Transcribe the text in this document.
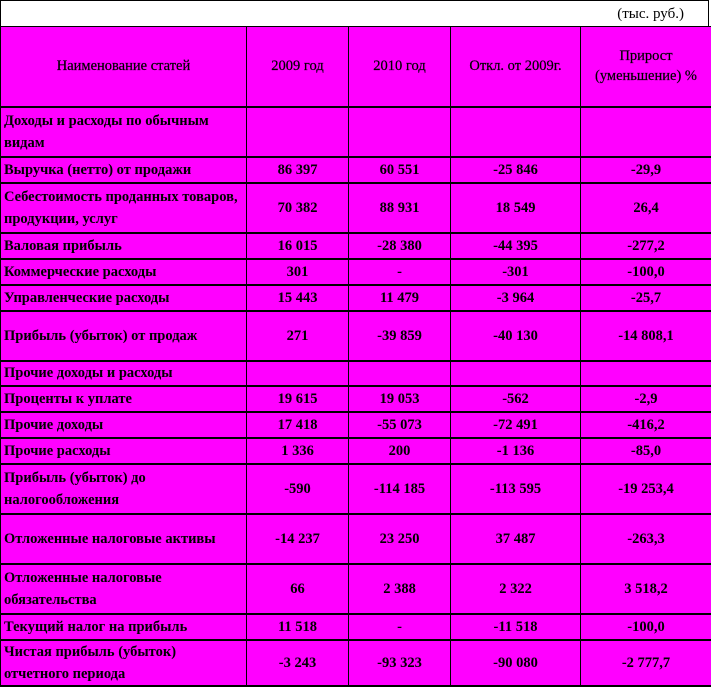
(тыс. руб.)
Наименование статей	2009 год	2010 год	Откл. от 2009г.	Прирост (уменьшение) %
Доходы и расходы по обычным видам				
Выручка (нетто) от продажи	86 397	60 551	-25 846	-29,9
Себестоимость проданных товаров, продукции, услуг	70 382	88 931	18 549	26,4
Валовая прибыль	16 015	-28 380	-44 395	-277,2
Коммерческие расходы	301	-	-301	-100,0
Управленческие расходы	15 443	11 479	-3 964	-25,7
Прибыль (убыток) от продаж	271	-39 859	-40 130	-14 808,1
Прочие доходы и расходы				
Проценты к уплате	19 615	19 053	-562	-2,9
Прочие доходы	17 418	-55 073	-72 491	-416,2
Прочие расходы	1 336	200	-1 136	-85,0
Прибыль (убыток) до налогообложения	-590	-114 185	-113 595	-19 253,4
Отложенные налоговые активы	-14 237	23 250	37 487	-263,3
Отложенные налоговые обязательства	66	2 388	2 322	3 518,2
Текущий налог на прибыль	11 518	-	-11 518	-100,0
Чистая прибыль (убыток) отчетного периода	-3 243	-93 323	-90 080	-2 777,7
